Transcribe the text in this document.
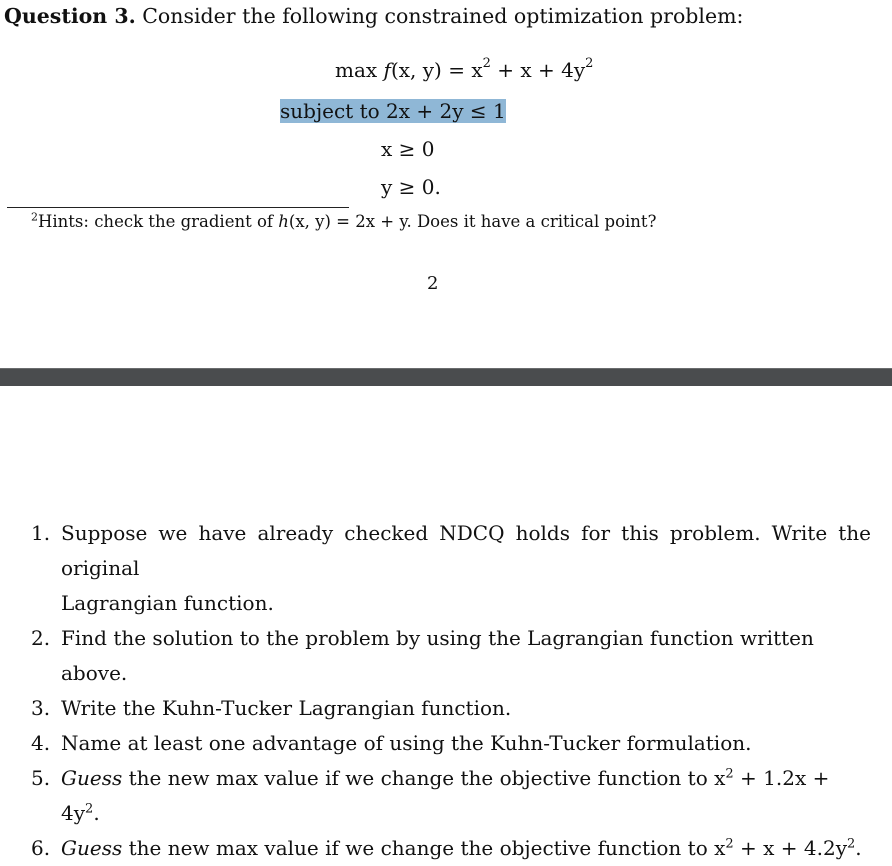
Question 3. Consider the following constrained optimization problem:
max f(x, $y) = x^2 + x + 4y^2$
subject to 2x + 2y ≤ 1
x ≥ 0
y ≥ 0.
$^2$Hints: check the gradient of h(x, y) = 2x + y. Does it have a critical point?
2
1. Suppose we have already checked NDCQ holds for this problem. Write the original
Lagrangian function.
2. Find the solution to the problem by using the Lagrangian function written above.
3. Write the Kuhn-Tucker Lagrangian function.
4. Name at least one advantage of using the Kuhn-Tucker formulation.
5. Guess the new max value if we change the objective function to $x^2 + 1.2x + 4y^2$.
6. Guess the new max value if we change the objective function to $x^2 + x + 4.2y^2$.
